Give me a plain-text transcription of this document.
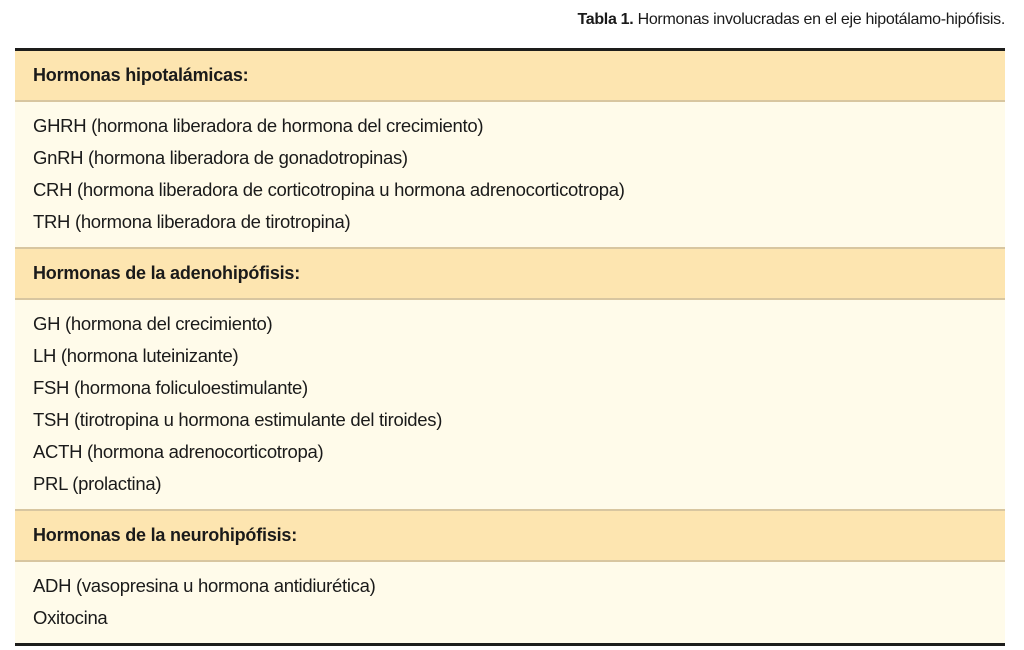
Tabla 1. Hormonas involucradas en el eje hipotálamo-hipófisis.
Hormonas hipotalámicas:
GHRH (hormona liberadora de hormona del crecimiento)
GnRH (hormona liberadora de gonadotropinas)
CRH (hormona liberadora de corticotropina u hormona adrenocorticotropa)
TRH (hormona liberadora de tirotropina)
Hormonas de la adenohipófisis:
GH (hormona del crecimiento)
LH (hormona luteinizante)
FSH (hormona foliculoestimulante)
TSH (tirotropina u hormona estimulante del tiroides)
ACTH (hormona adrenocorticotropa)
PRL (prolactina)
Hormonas de la neurohipófisis:
ADH (vasopresina u hormona antidiurética)
Oxitocina
